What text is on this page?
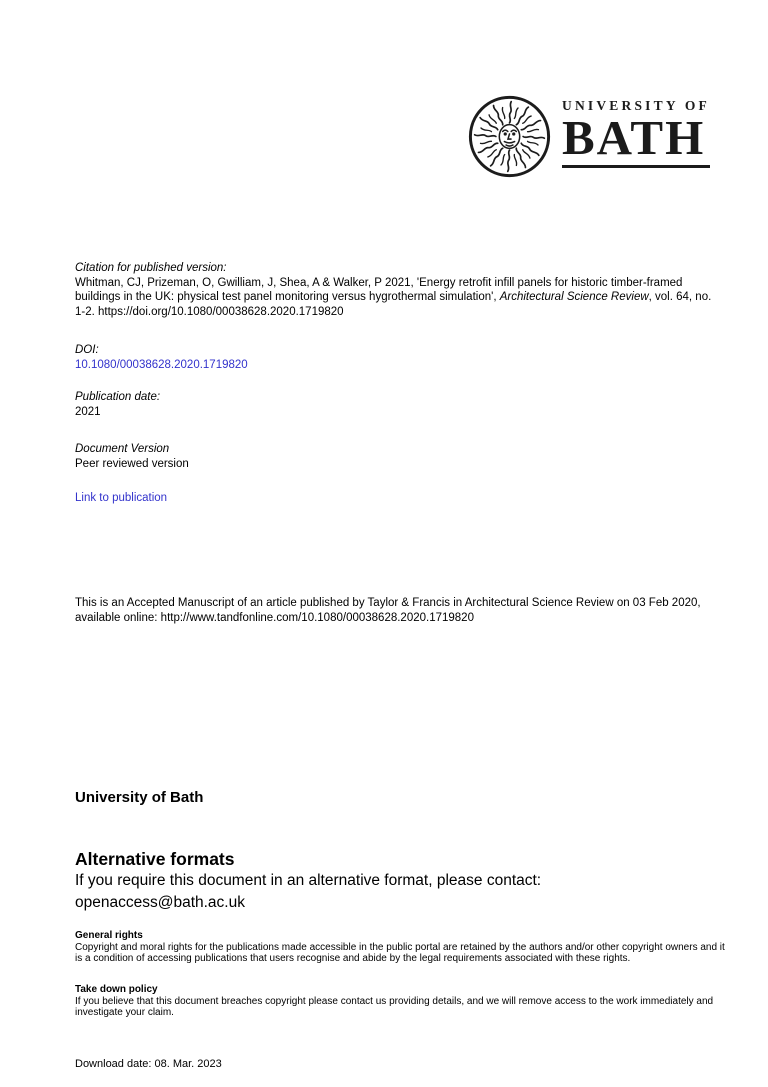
UNIVERSITY OF
BATH
Citation for published version:
Whitman, CJ, Prizeman, O, Gwilliam, J, Shea, A & Walker, P 2021, 'Energy retrofit infill panels for historic timber-framed buildings in the UK: physical test panel monitoring versus hygrothermal simulation', Architectural Science Review, vol. 64, no. 1-2. https://doi.org/10.1080/00038628.2020.1719820
DOI:
10.1080/00038628.2020.1719820
Publication date:
2021
Document Version
Peer reviewed version
Link to publication
This is an Accepted Manuscript of an article published by Taylor & Francis in Architectural Science Review on 03 Feb 2020, available online: http://www.tandfonline.com/10.1080/00038628.2020.1719820
University of Bath
Alternative formats
If you require this document in an alternative format, please contact:
openaccess@bath.ac.uk
General rights
Copyright and moral rights for the publications made accessible in the public portal are retained by the authors and/or other copyright owners and it is a condition of accessing publications that users recognise and abide by the legal requirements associated with these rights.
Take down policy
If you believe that this document breaches copyright please contact us providing details, and we will remove access to the work immediately and investigate your claim.
Download date: 08. Mar. 2023
